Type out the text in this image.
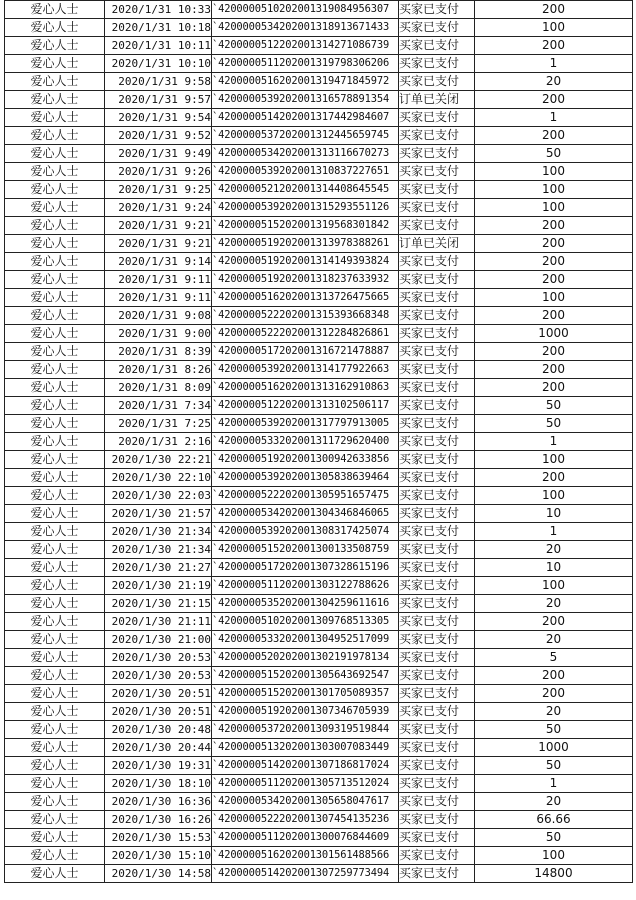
爱心人士	2020/1/31 10:33	`4200000510202001319084956307	买家已支付	200
爱心人士	2020/1/31 10:18	`4200000534202001318913671433	买家已支付	100
爱心人士	2020/1/31 10:11	`4200000512202001314271086739	买家已支付	200
爱心人士	2020/1/31 10:10	`4200000511202001319798306206	买家已支付	1
爱心人士	2020/1/31 9:58	`4200000516202001319471845972	买家已支付	20
爱心人士	2020/1/31 9:57	`4200000539202001316578891354	订单已关闭	200
爱心人士	2020/1/31 9:54	`4200000514202001317442984607	买家已支付	1
爱心人士	2020/1/31 9:52	`4200000537202001312445659745	买家已支付	200
爱心人士	2020/1/31 9:49	`4200000534202001313116670273	买家已支付	50
爱心人士	2020/1/31 9:26	`4200000539202001310837227651	买家已支付	100
爱心人士	2020/1/31 9:25	`4200000521202001314408645545	买家已支付	100
爱心人士	2020/1/31 9:24	`4200000539202001315293551126	买家已支付	100
爱心人士	2020/1/31 9:21	`4200000515202001319568301842	买家已支付	200
爱心人士	2020/1/31 9:21	`4200000519202001313978388261	订单已关闭	200
爱心人士	2020/1/31 9:14	`4200000519202001314149393824	买家已支付	200
爱心人士	2020/1/31 9:11	`4200000519202001318237633932	买家已支付	200
爱心人士	2020/1/31 9:11	`4200000516202001313726475665	买家已支付	100
爱心人士	2020/1/31 9:08	`4200000522202001315393668348	买家已支付	200
爱心人士	2020/1/31 9:00	`4200000522202001312284826861	买家已支付	1000
爱心人士	2020/1/31 8:39	`4200000517202001316721478887	买家已支付	200
爱心人士	2020/1/31 8:26	`4200000539202001314177922663	买家已支付	200
爱心人士	2020/1/31 8:09	`4200000516202001313162910863	买家已支付	200
爱心人士	2020/1/31 7:34	`4200000512202001313102506117	买家已支付	50
爱心人士	2020/1/31 7:25	`4200000539202001317797913005	买家已支付	50
爱心人士	2020/1/31 2:16	`4200000533202001311729620400	买家已支付	1
爱心人士	2020/1/30 22:21	`4200000519202001300942633856	买家已支付	100
爱心人士	2020/1/30 22:10	`4200000539202001305838639464	买家已支付	200
爱心人士	2020/1/30 22:03	`4200000522202001305951657475	买家已支付	100
爱心人士	2020/1/30 21:57	`4200000534202001304346846065	买家已支付	10
爱心人士	2020/1/30 21:34	`4200000539202001308317425074	买家已支付	1
爱心人士	2020/1/30 21:34	`4200000515202001300133508759	买家已支付	20
爱心人士	2020/1/30 21:27	`4200000517202001307328615196	买家已支付	10
爱心人士	2020/1/30 21:19	`4200000511202001303122788626	买家已支付	100
爱心人士	2020/1/30 21:15	`4200000535202001304259611616	买家已支付	20
爱心人士	2020/1/30 21:11	`4200000510202001309768513305	买家已支付	200
爱心人士	2020/1/30 21:00	`4200000533202001304952517099	买家已支付	20
爱心人士	2020/1/30 20:53	`4200000520202001302191978134	买家已支付	5
爱心人士	2020/1/30 20:53	`4200000515202001305643692547	买家已支付	200
爱心人士	2020/1/30 20:51	`4200000515202001301705089357	买家已支付	200
爱心人士	2020/1/30 20:51	`4200000519202001307346705939	买家已支付	20
爱心人士	2020/1/30 20:48	`4200000537202001309319519844	买家已支付	50
爱心人士	2020/1/30 20:44	`4200000513202001303007083449	买家已支付	1000
爱心人士	2020/1/30 19:31	`4200000514202001307186817024	买家已支付	50
爱心人士	2020/1/30 18:10	`4200000511202001305713512024	买家已支付	1
爱心人士	2020/1/30 16:36	`4200000534202001305658047617	买家已支付	20
爱心人士	2020/1/30 16:26	`4200000522202001307454135236	买家已支付	66.66
爱心人士	2020/1/30 15:53	`4200000511202001300076844609	买家已支付	50
爱心人士	2020/1/30 15:10	`4200000516202001301561488566	买家已支付	100
爱心人士	2020/1/30 14:58	`4200000514202001307259773494	买家已支付	14800
